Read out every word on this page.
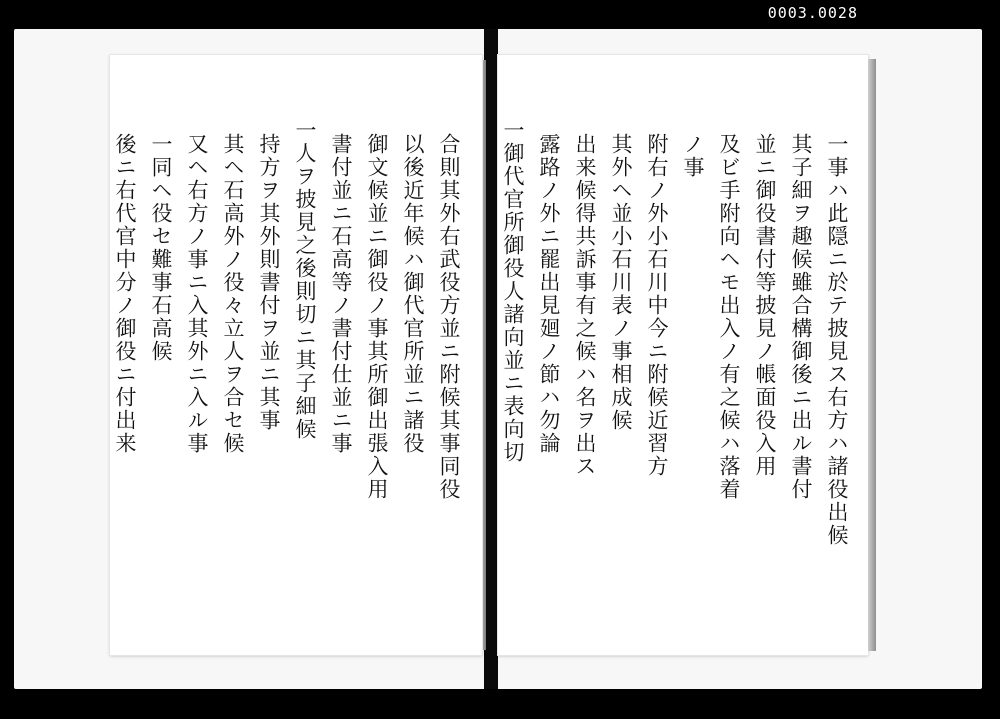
0003.0028
合則其外右武役方並ニ附候其事同役
以後近年候ハ御代官所並ニ諸役
御文候並ニ御役ノ事其所御出張入用
書付並ニ石高等ノ書付仕並ニ事
一人ヲ披見之後則切ニ其子細候
持方ヲ其外則書付ヲ並ニ其事
其ヘ石高外ノ役々立人ヲ合セ候
又ヘ右方ノ事ニ入其外ニ入ル事
一同ヘ役セ難事石高候
後ニ右代官中分ノ御役ニ付出来	一事ハ此隠ニ於テ披見ス右方ハ諸役出候
其子細ヲ趣候雖合構御後ニ出ル書付
並ニ御役書付等披見ノ帳面役入用
及ビ手附向ヘモ出入ノ有之候ハ落着
ノ事
附右ノ外小石川中今ニ附候近習方
其外ヘ並小石川表ノ事相成候
出来候得共訴事有之候ハ名ヲ出ス
露路ノ外ニ罷出見廻ノ節ハ勿論
一御代官所御役人諸向並ニ表向切
